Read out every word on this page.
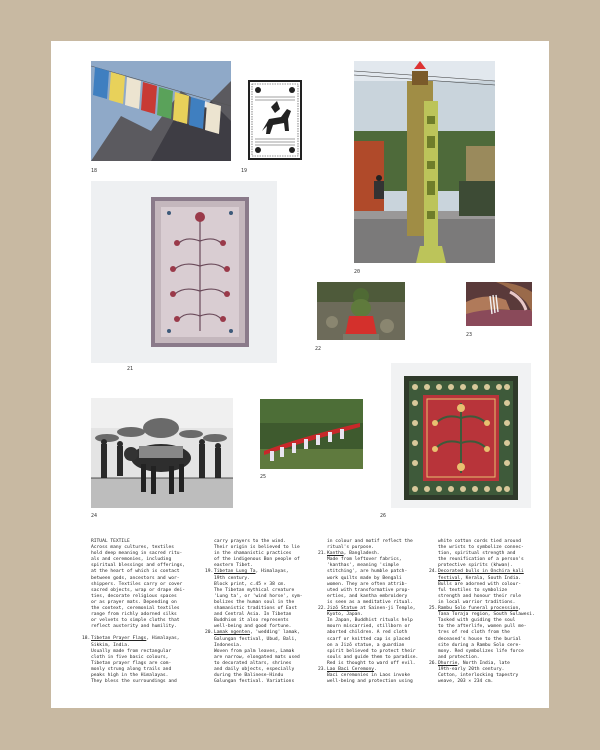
18	19
20
21
22
23
24
25
26

RITUAL TEXTILE

Across many cultures, textiles

hold deep meaning in sacred ritu-

als and ceremonies, including

spiritual blessings and offerings,

at the heart of which is contact

between gods, ancestors and wor-

shippers. Textiles carry or cover

sacred objects, wrap or drape dei-

ties, decorate religious spaces

or as prayer mats. Depending on

the context, ceremonial textiles

range from richly adorned silks

or velvets to simple cloths that

reflect austerity and humility.

18. Tibetan Prayer Flags, Himalayas,

Sikkim, India.

Usually made from rectangular

cloth in five basic colours,

Tibetan prayer flags are com-

monly strung along trails and

peaks high in the Himalayas.

They bless the surroundings and

carry prayers to the wind.

Their origin is believed to lie

in the shamanistic practices

of the indigenous Bon people of

eastern Tibet.

19. Tibetan Lung Ta, Himalayas,

19th century.

Block print, c.45 × 38 cm.

The Tibetan mythical creature

'Lung ta', or 'wind horse', sym-

bolizes the human soul in the

shamanistic traditions of East

and Central Asia. In Tibetan

Buddhism it also represents

well-being and good fortune.

20. Lamak ngenten, 'wedding' lamak,

Galungan festival, Ubud, Bali,

Indonesia.

Woven from palm leaves, Lamak

are narrow, elongated mats used

to decorated altars, shrines

and daily objects, especially

during the Balinese-Hindu

Galungan festival. Variations

in colour and motif reflect the

ritual's purpose.

21. Kantha, Bangladesh.

Made from leftover fabrics,

'kanthas', meaning 'simple

stitching', are humble patch-

work quilts made by Bengali

women. They are often attrib-

uted with transformative prop-

erties, and kantha embroidery

is seen as a meditative ritual.

22. Jizō Statue at Sainen-ji Temple,

Kyoto, Japan.

In Japan, Buddhist rituals help

mourn miscarried, stillborn or

aborted children. A red cloth

scarf or knitted cap is placed

on a Jizō statue, a guardian

spirit believed to protect their

souls and guide them to paradise.

Red is thought to ward off evil.

23. Lao Baci Ceremony.

Baci ceremonies in Laos invoke

well-being and protection using

white cotton cords tied around

the wrists to symbolize connec-

tion, spiritual strength and

the reunification of a person's

protective spirits (khwan).

24. Decorated bulls in Onchira kali

festival, Kerala, South India.

Bulls are adorned with colour-

ful textiles to symbolize

strength and honour their role

in local warrior traditions.

25. Rambu Solo funeral procession,

Tana Toraja region, South Sulawesi.

Tasked with guiding the soul

to the afterlife, women pull me-

tres of red cloth from the

deceased's house to the burial

site during a Rambu Solo cere-

mony. Red symbolizes life force

and protection.

26. Dhurrie, North India, late

19th-early 20th century.

Cotton, interlocking tapestry

weave, 203 × 234 cm.
